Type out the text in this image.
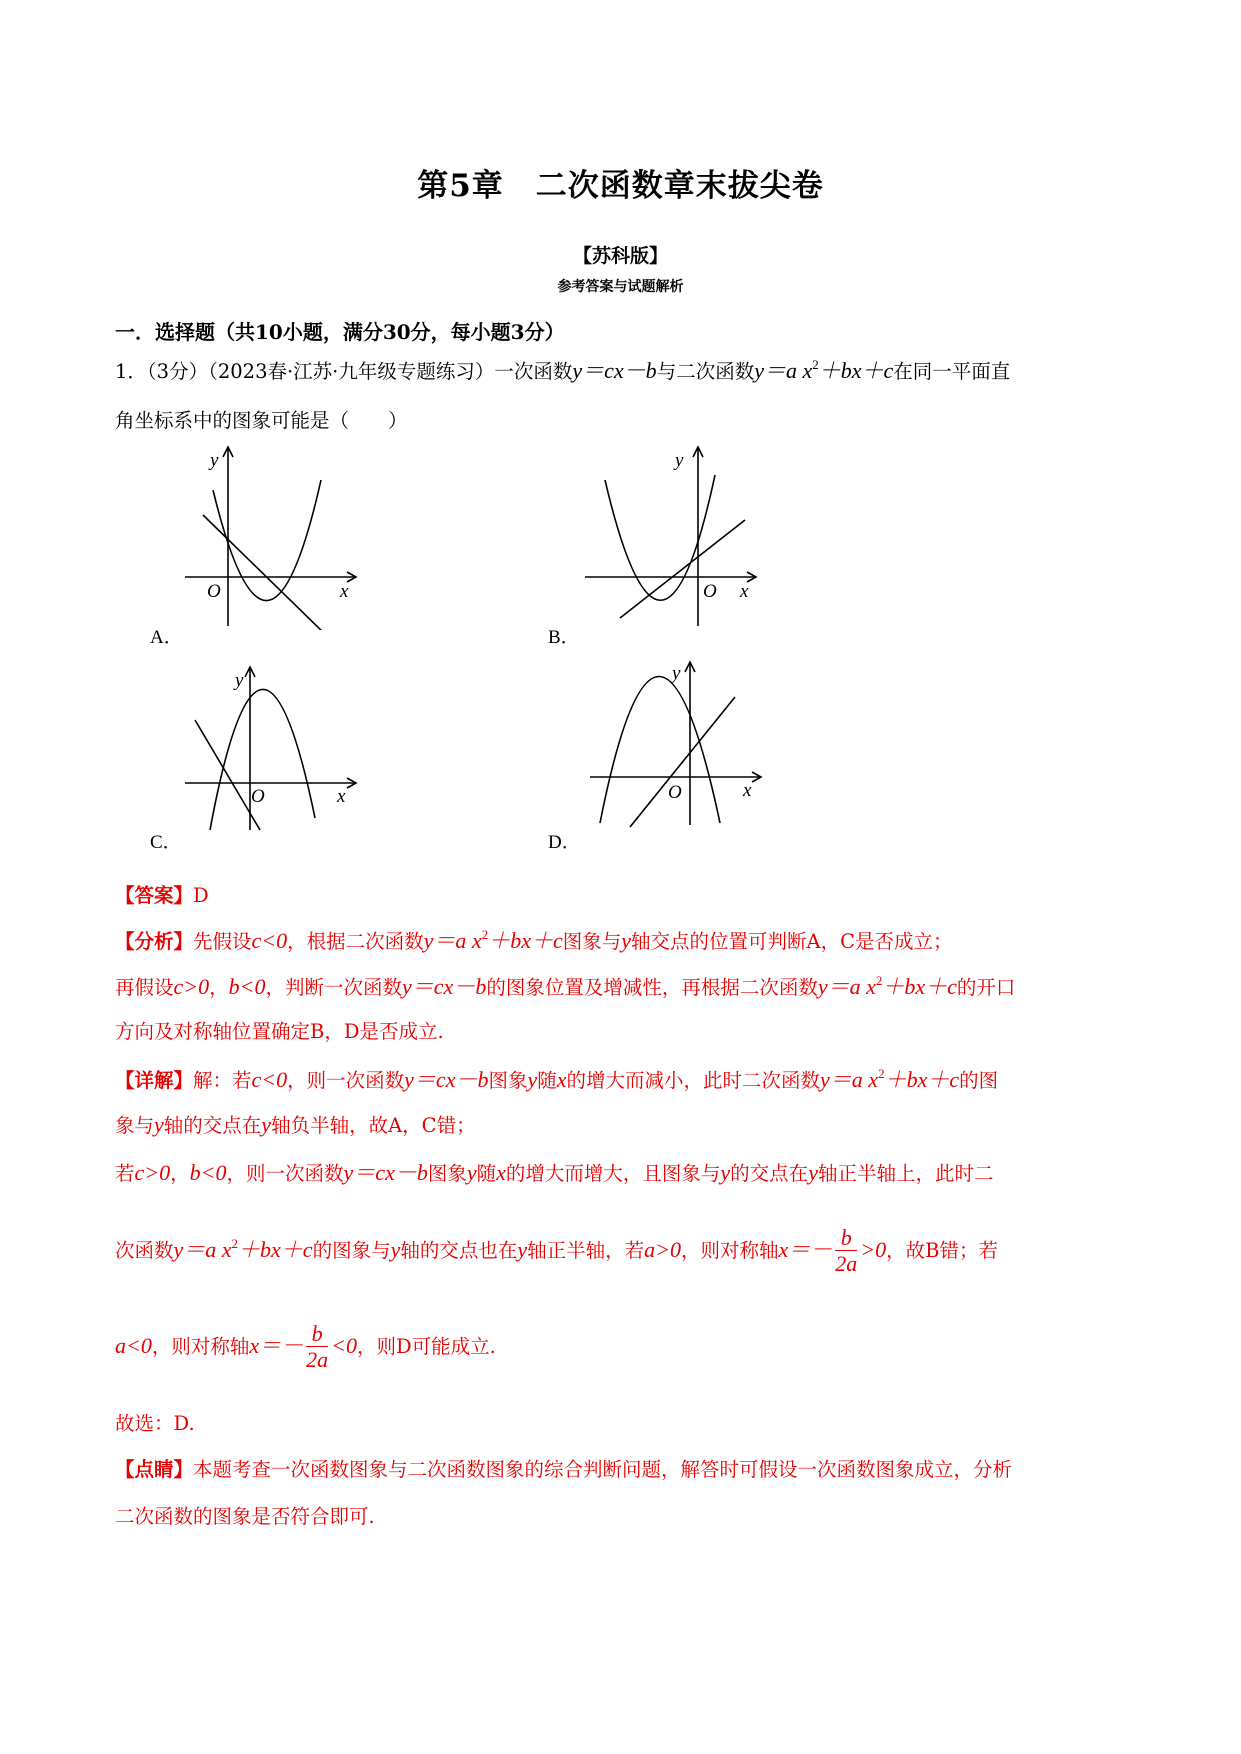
第5章　二次函数章末拔尖卷
【苏科版】
参考答案与试题解析
一．选择题（共10小题，满分30分，每小题3分）
1．（3分）（2023春·江苏·九年级专题练习）一次函数y＝cx－b与二次函数y＝a $x^2+bx+c$在同一平面直
角坐标系中的图象可能是（　　）
y
x
O
A．
y
x
O
B．
y
x
O
C．
y
x
O
D．
【答案】D
【分析】先假设c<0，根据二次函数y＝a $x^2+bx+c$图象与y轴交点的位置可判断A，C是否成立；
再假设c>0，b<0，判断一次函数y＝cx－b的图象位置及增减性，再根据二次函数y＝a $x^2+bx+c$的开口
方向及对称轴位置确定B，D是否成立.
【详解】解：若c<0，则一次函数y＝cx－b图象y随x的增大而减小，此时二次函数y＝a $x^2+bx+c$的图
象与y轴的交点在y轴负半轴，故A，C错；
若c>0，b<0，则一次函数y＝cx－b图象y随x的增大而增大，且图象与y的交点在y轴正半轴上，此时二
次函数y＝a $x^2+bx+c$的图象与y轴的交点也在y轴正半轴，若a>0，则对称轴$x=- \frac{b}{2a} >0$，故B错；若
a<0，则对称轴$x=- \frac{b}{2a} <0$，则D可能成立.
故选：D.
【点睛】本题考查一次函数图象与二次函数图象的综合判断问题，解答时可假设一次函数图象成立，分析
二次函数的图象是否符合即可.
